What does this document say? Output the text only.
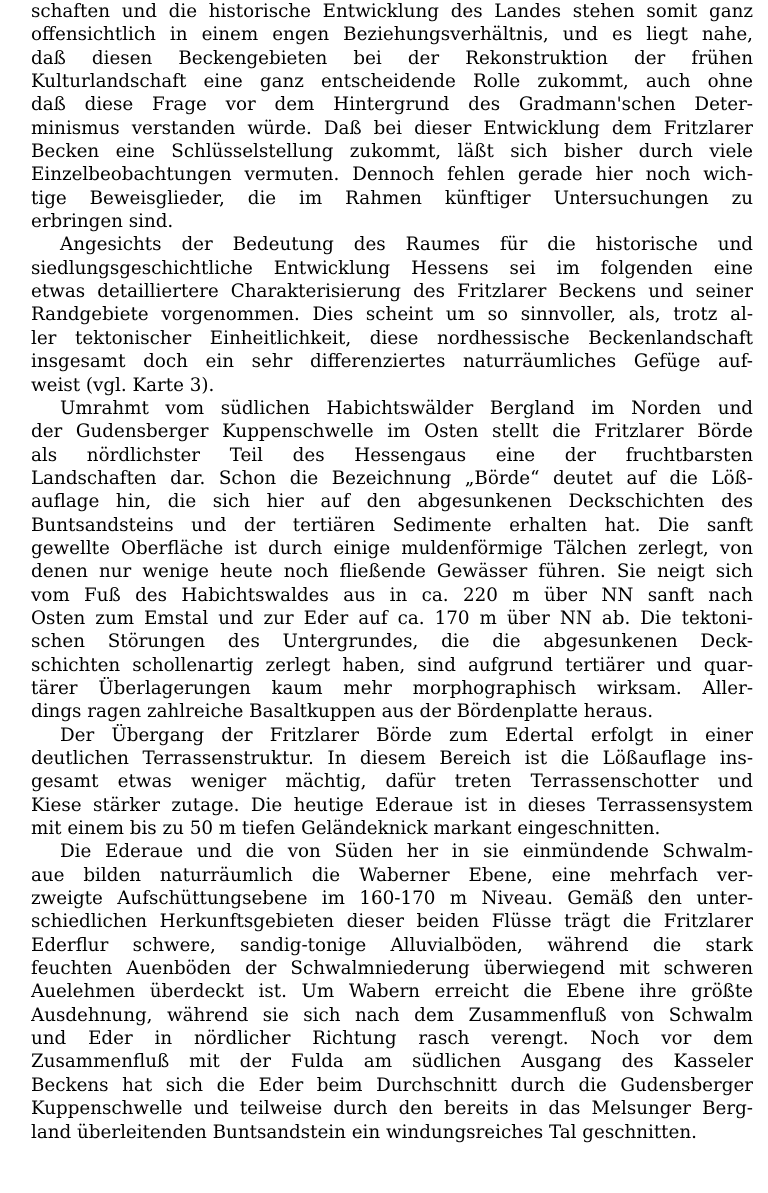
schaften und die historische Entwicklung des Landes stehen somit ganz
offensichtlich in einem engen Beziehungsverhältnis, und es liegt nahe,
daß diesen Beckengebieten bei der Rekonstruktion der frühen
Kulturlandschaft eine ganz entscheidende Rolle zukommt, auch ohne
daß diese Frage vor dem Hintergrund des Gradmann'schen Deter-
minismus verstanden würde. Daß bei dieser Entwicklung dem Fritzlarer
Becken eine Schlüsselstellung zukommt, läßt sich bisher durch viele
Einzelbeobachtungen vermuten. Dennoch fehlen gerade hier noch wich-
tige Beweisglieder, die im Rahmen künftiger Untersuchungen zu
erbringen sind.
Angesichts der Bedeutung des Raumes für die historische und
siedlungsgeschichtliche Entwicklung Hessens sei im folgenden eine
etwas detailliertere Charakterisierung des Fritzlarer Beckens und seiner
Randgebiete vorgenommen. Dies scheint um so sinnvoller, als, trotz al-
ler tektonischer Einheitlichkeit, diese nordhessische Beckenlandschaft
insgesamt doch ein sehr differenziertes naturräumliches Gefüge auf-
weist (vgl. Karte 3).
Umrahmt vom südlichen Habichtswälder Bergland im Norden und
der Gudensberger Kuppenschwelle im Osten stellt die Fritzlarer Börde
als nördlichster Teil des Hessengaus eine der fruchtbarsten
Landschaften dar. Schon die Bezeichnung „Börde“ deutet auf die Löß-
auflage hin, die sich hier auf den abgesunkenen Deckschichten des
Buntsandsteins und der tertiären Sedimente erhalten hat. Die sanft
gewellte Oberfläche ist durch einige muldenförmige Tälchen zerlegt, von
denen nur wenige heute noch fließende Gewässer führen. Sie neigt sich
vom Fuß des Habichtswaldes aus in ca. 220 m über NN sanft nach
Osten zum Emstal und zur Eder auf ca. 170 m über NN ab. Die tektoni-
schen Störungen des Untergrundes, die die abgesunkenen Deck-
schichten schollenartig zerlegt haben, sind aufgrund tertiärer und quar-
tärer Überlagerungen kaum mehr morphographisch wirksam. Aller-
dings ragen zahlreiche Basaltkuppen aus der Bördenplatte heraus.
Der Übergang der Fritzlarer Börde zum Edertal erfolgt in einer
deutlichen Terrassenstruktur. In diesem Bereich ist die Lößauflage ins-
gesamt etwas weniger mächtig, dafür treten Terrassenschotter und
Kiese stärker zutage. Die heutige Ederaue ist in dieses Terrassensystem
mit einem bis zu 50 m tiefen Geländeknick markant eingeschnitten.
Die Ederaue und die von Süden her in sie einmündende Schwalm-
aue bilden naturräumlich die Waberner Ebene, eine mehrfach ver-
zweigte Aufschüttungsebene im 160-170 m Niveau. Gemäß den unter-
schiedlichen Herkunftsgebieten dieser beiden Flüsse trägt die Fritzlarer
Ederflur schwere, sandig-tonige Alluvialböden, während die stark
feuchten Auenböden der Schwalmniederung überwiegend mit schweren
Auelehmen überdeckt ist. Um Wabern erreicht die Ebene ihre größte
Ausdehnung, während sie sich nach dem Zusammenfluß von Schwalm
und Eder in nördlicher Richtung rasch verengt. Noch vor dem
Zusammenfluß mit der Fulda am südlichen Ausgang des Kasseler
Beckens hat sich die Eder beim Durchschnitt durch die Gudensberger
Kuppenschwelle und teilweise durch den bereits in das Melsunger Berg-
land überleitenden Buntsandstein ein windungsreiches Tal geschnitten.
